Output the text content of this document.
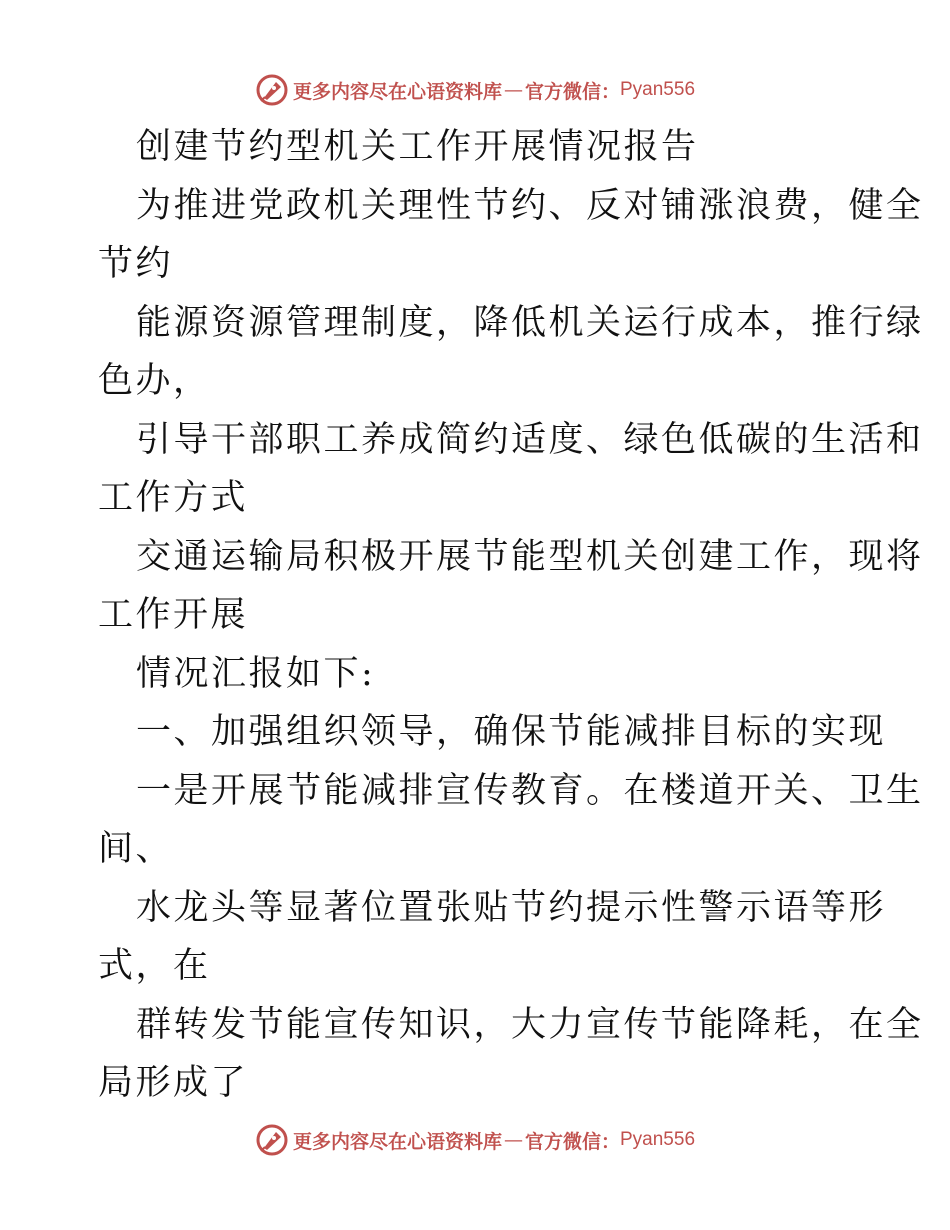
更多内容尽在心语资料库 — 官方微信： Pyan556
创建节约型机关工作开展情况报告
为推进党政机关理性节约、反对铺涨浪费，健全
节约
能源资源管理制度，降低机关运行成本，推行绿
色办，
引导干部职工养成简约适度、绿色低碳的生活和
工作方式
交通运输局积极开展节能型机关创建工作，现将
工作开展
情况汇报如下:
一、加强组织领导，确保节能减排目标的实现
一是开展节能减排宣传教育。在楼道开关、卫生
间、
水龙头等显著位置张贴节约提示性警示语等形
式，在
群转发节能宣传知识，大力宣传节能降耗，在全
局形成了
更多内容尽在心语资料库 — 官方微信： Pyan556
